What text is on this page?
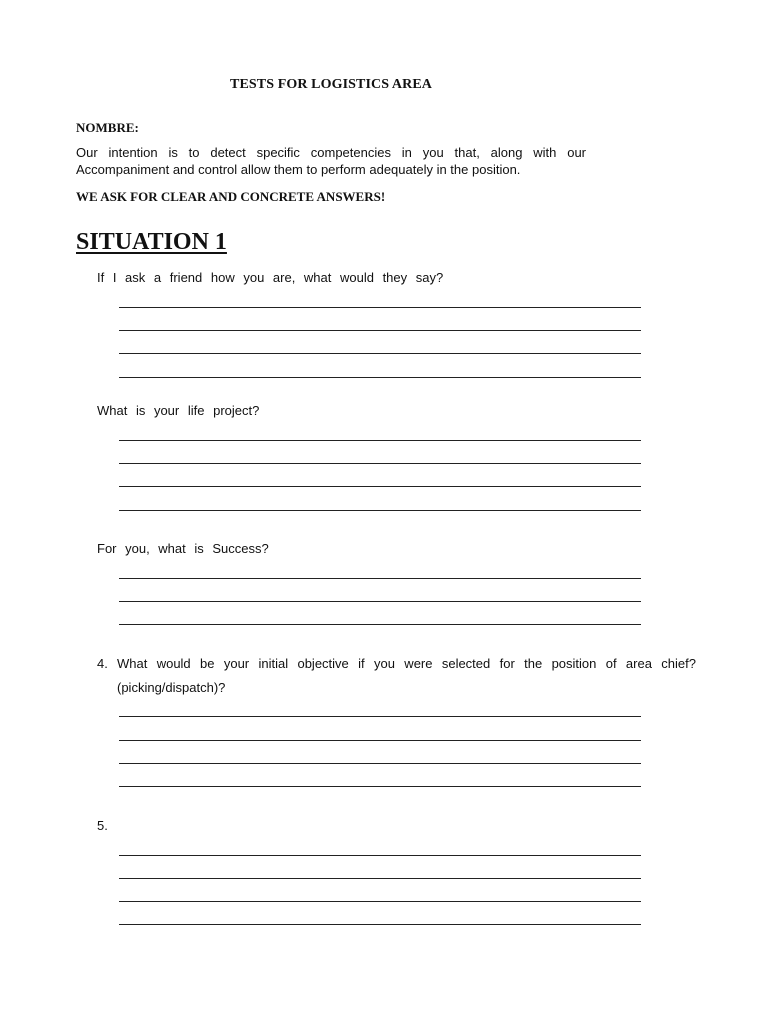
TESTS FOR LOGISTICS AREA
NOMBRE:

Our intention is to detect specific competencies in you that, along with our
Accompaniment and control allow them to perform adequately in the position.

WE ASK FOR CLEAR AND CONCRETE ANSWERS!

SITUATION 1

If I ask a friend how you are, what would they say?

What is your life project?

For you, what is Success?

4. What would be your initial objective if you were selected for the position of area chief?

(picking/dispatch)?

5.
